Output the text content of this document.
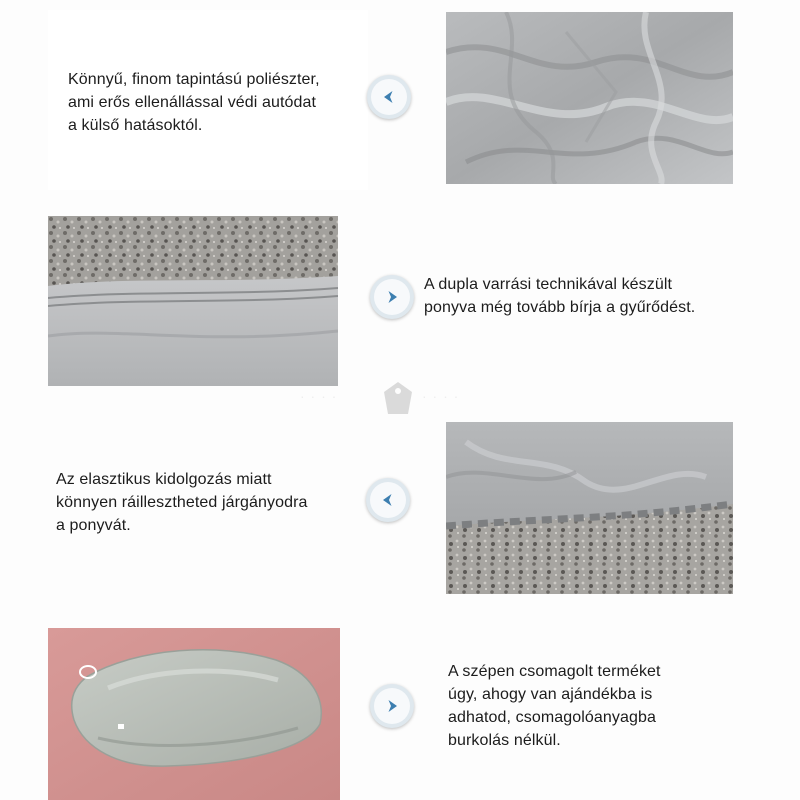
Könnyű, finom tapintású poliészter,
ami erős ellenállással védi autódat
a külső hatásoktól.
A dupla varrási technikával készült
ponyva még tovább bírja a gyűrődést.
· · · ·	· · · ·
Az elasztikus kidolgozás miatt
könnyen ráillesztheted járgányodra
a ponyvát.
A szépen csomagolt terméket
úgy, ahogy van ajándékba is
adhatod, csomagolóanyagba
burkolás nélkül.
